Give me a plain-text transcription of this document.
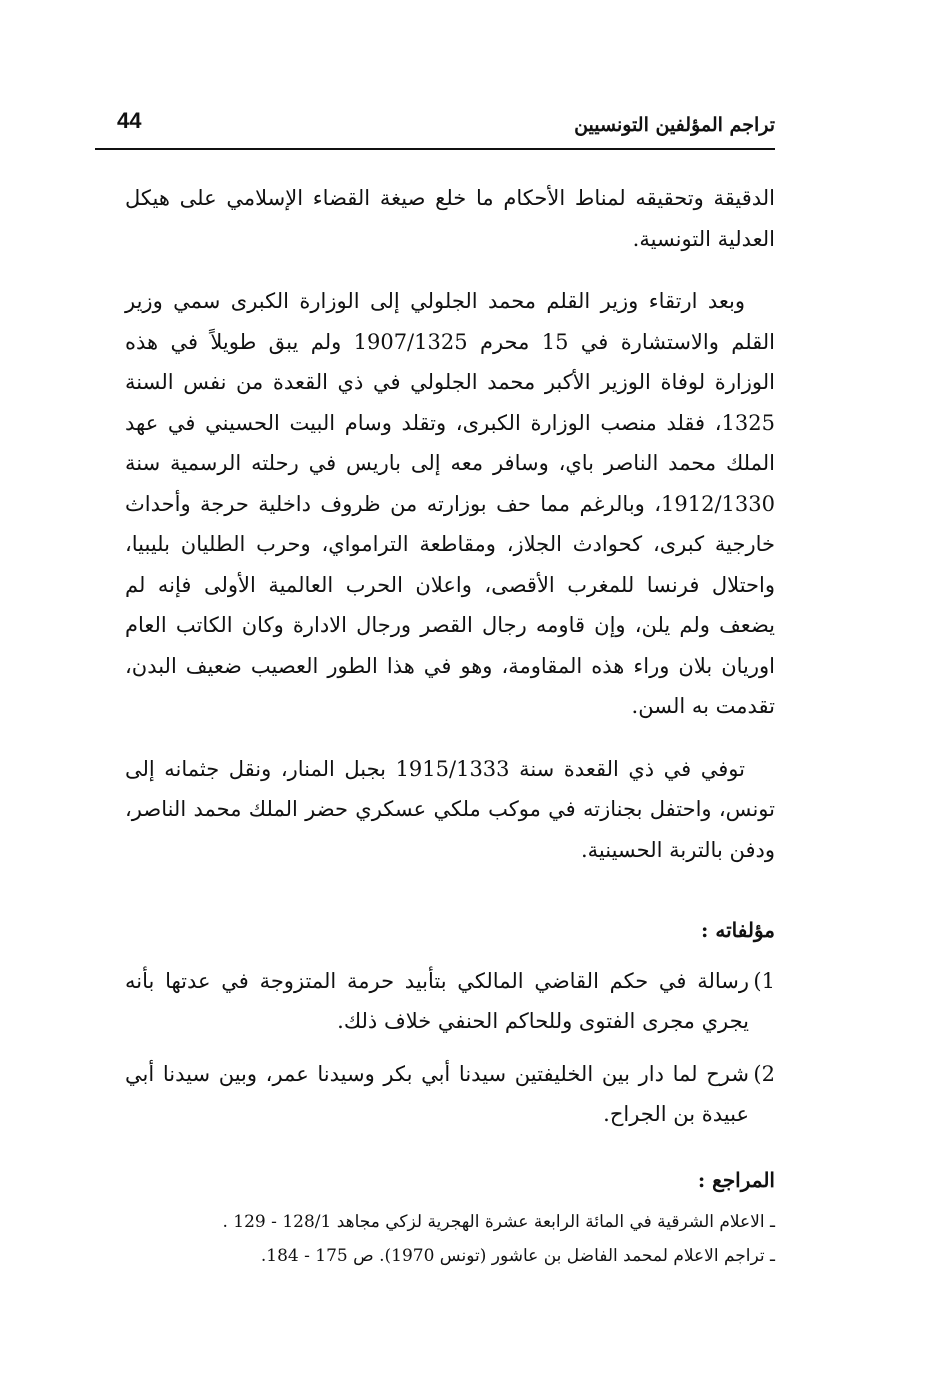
تراجم المؤلفين التونسيين
44

الدقيقة وتحقيقه لمناط الأحكام ما خلع صيغة القضاء الإسلامي على هيكل العدلية التونسية.

وبعد ارتقاء وزير القلم محمد الجلولي إلى الوزارة الكبرى سمي وزير القلم والاستشارة في 15 محرم 1907/1325 ولم يبق طويلاً في هذه الوزارة لوفاة الوزير الأكبر محمد الجلولي في ذي القعدة من نفس السنة 1325، فقلد منصب الوزارة الكبرى، وتقلد وسام البيت الحسيني في عهد الملك محمد الناصر باي، وسافر معه إلى باريس في رحلته الرسمية سنة 1912/1330، وبالرغم مما حف بوزارته من ظروف داخلية حرجة وأحداث خارجية كبرى، كحوادث الجلاز، ومقاطعة الترامواي، وحرب الطليان بليبيا، واحتلال فرنسا للمغرب الأقصى، واعلان الحرب العالمية الأولى فإنه لم يضعف ولم يلن، وإن قاومه رجال القصر ورجال الادارة وكان الكاتب العام اوريان بلان وراء هذه المقاومة، وهو في هذا الطور العصيب ضعيف البدن، تقدمت به السن.

توفي في ذي القعدة سنة 1915/1333 بجبل المنار، ونقل جثمانه إلى تونس، واحتفل بجنازته في موكب ملكي عسكري حضر الملك محمد الناصر، ودفن بالتربة الحسينية.

مؤلفاته :
1)
رسالة في حكم القاضي المالكي بتأبيد حرمة المتزوجة في عدتها بأنه يجري مجرى الفتوى وللحاكم الحنفي خلاف ذلك.
2)
شرح لما دار بين الخليفتين سيدنا أبي بكر وسيدنا عمر، وبين سيدنا أبي عبيدة بن الجراح.
المراجع :
ـ الاعلام الشرقية في المائة الرابعة عشرة الهجرية لزكي مجاهد 128/1 - 129 .
ـ تراجم الاعلام لمحمد الفاضل بن عاشور (تونس 1970). ص 175 - 184.
